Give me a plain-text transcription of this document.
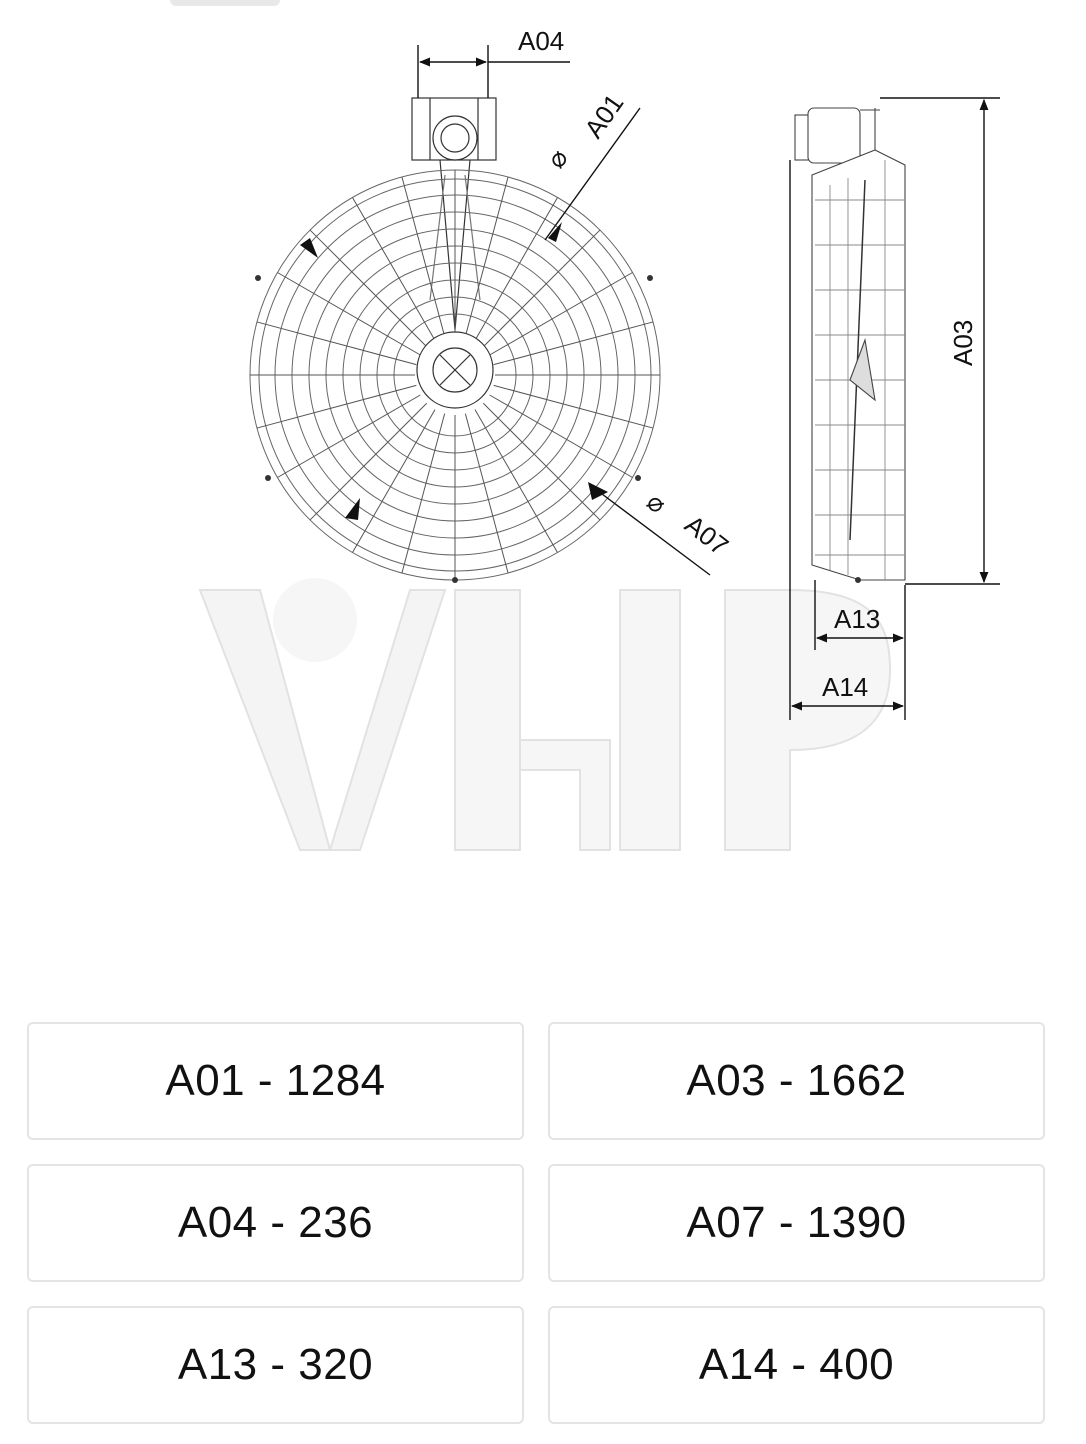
A04
⌀
A01
⌀
A07
A03
A13
A14
A01 - 1284	A03 - 1662
A04 - 236	A07 - 1390
A13 - 320	A14 - 400
